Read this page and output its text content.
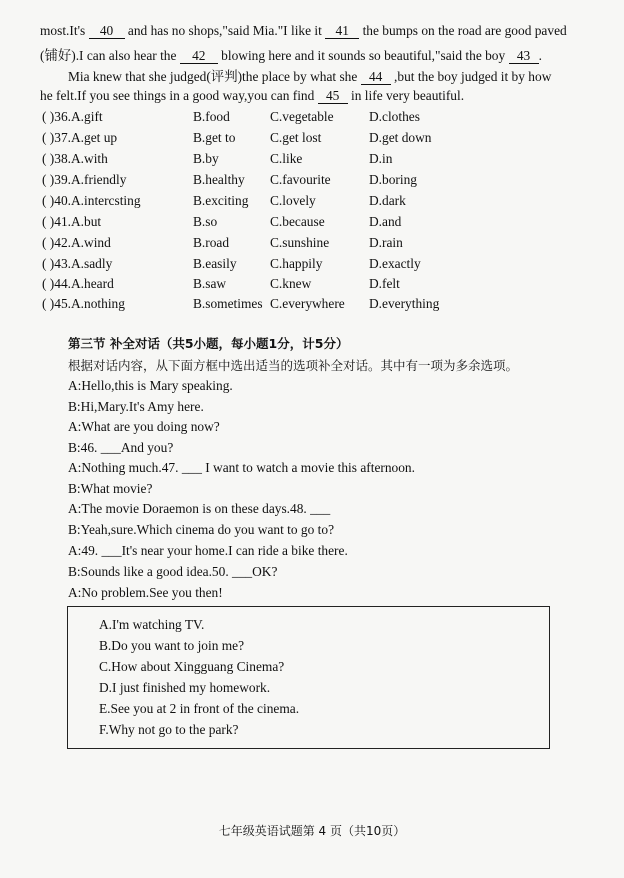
most.It's 40 and has no shops,"said Mia."I like it 41 the bumps on the road are good paved
(铺好).I can also hear the 42 blowing here and it sounds so beautiful,"said the boy 43 .
Mia knew that she judged(评判)the place by what she 44 ,but the boy judged it by how
he felt.If you see things in a good way,you can find 45 in life very beautiful.
( )36.A.gift	B.food	C.vegetable	D.clothes
( )37.A.get up	B.get to	C.get lost	D.get down
( )38.A.with	B.by	C.like	D.in
( )39.A.friendly	B.healthy C.favourite	D.boring
( )40.A.intercsting	B.exciting C.lovely	D.dark
( )41.A.but	B.so	C.because	D.and
( )42.A.wind	B.road	C.sunshine	D.rain
( )43.A.sadly	B.easily C.happily	D.exactly
( )44.A.heard	B.saw	C.knew	D.felt
( )45.A.nothing	B.sometimes C.everywhere D.everything
第三节 补全对话（共5小题，每小题1分，计5分）
根据对话内容，从下面方框中选出适当的选项补全对话。其中有一项为多余选项。
A:Hello,this is Mary speaking.
B:Hi,Mary.It's Amy here.
A:What are you doing now?
B:46. ___And you?
A:Nothing much.47. ___ I want to watch a movie this afternoon.
B:What movie?
A:The movie Doraemon is on these days.48. ___
B:Yeah,sure.Which cinema do you want to go to?
A:49. ___It's near your home.I can ride a bike there.
B:Sounds like a good idea.50. ___OK?
A:No problem.See you then!
A.I'm watching TV.
B.Do you want to join me?
C.How about Xingguang Cinema?
D.I just finished my homework.
E.See you at 2 in front of the cinema.
F.Why not go to the park?
七年级英语试题第 4 页（共10页）
